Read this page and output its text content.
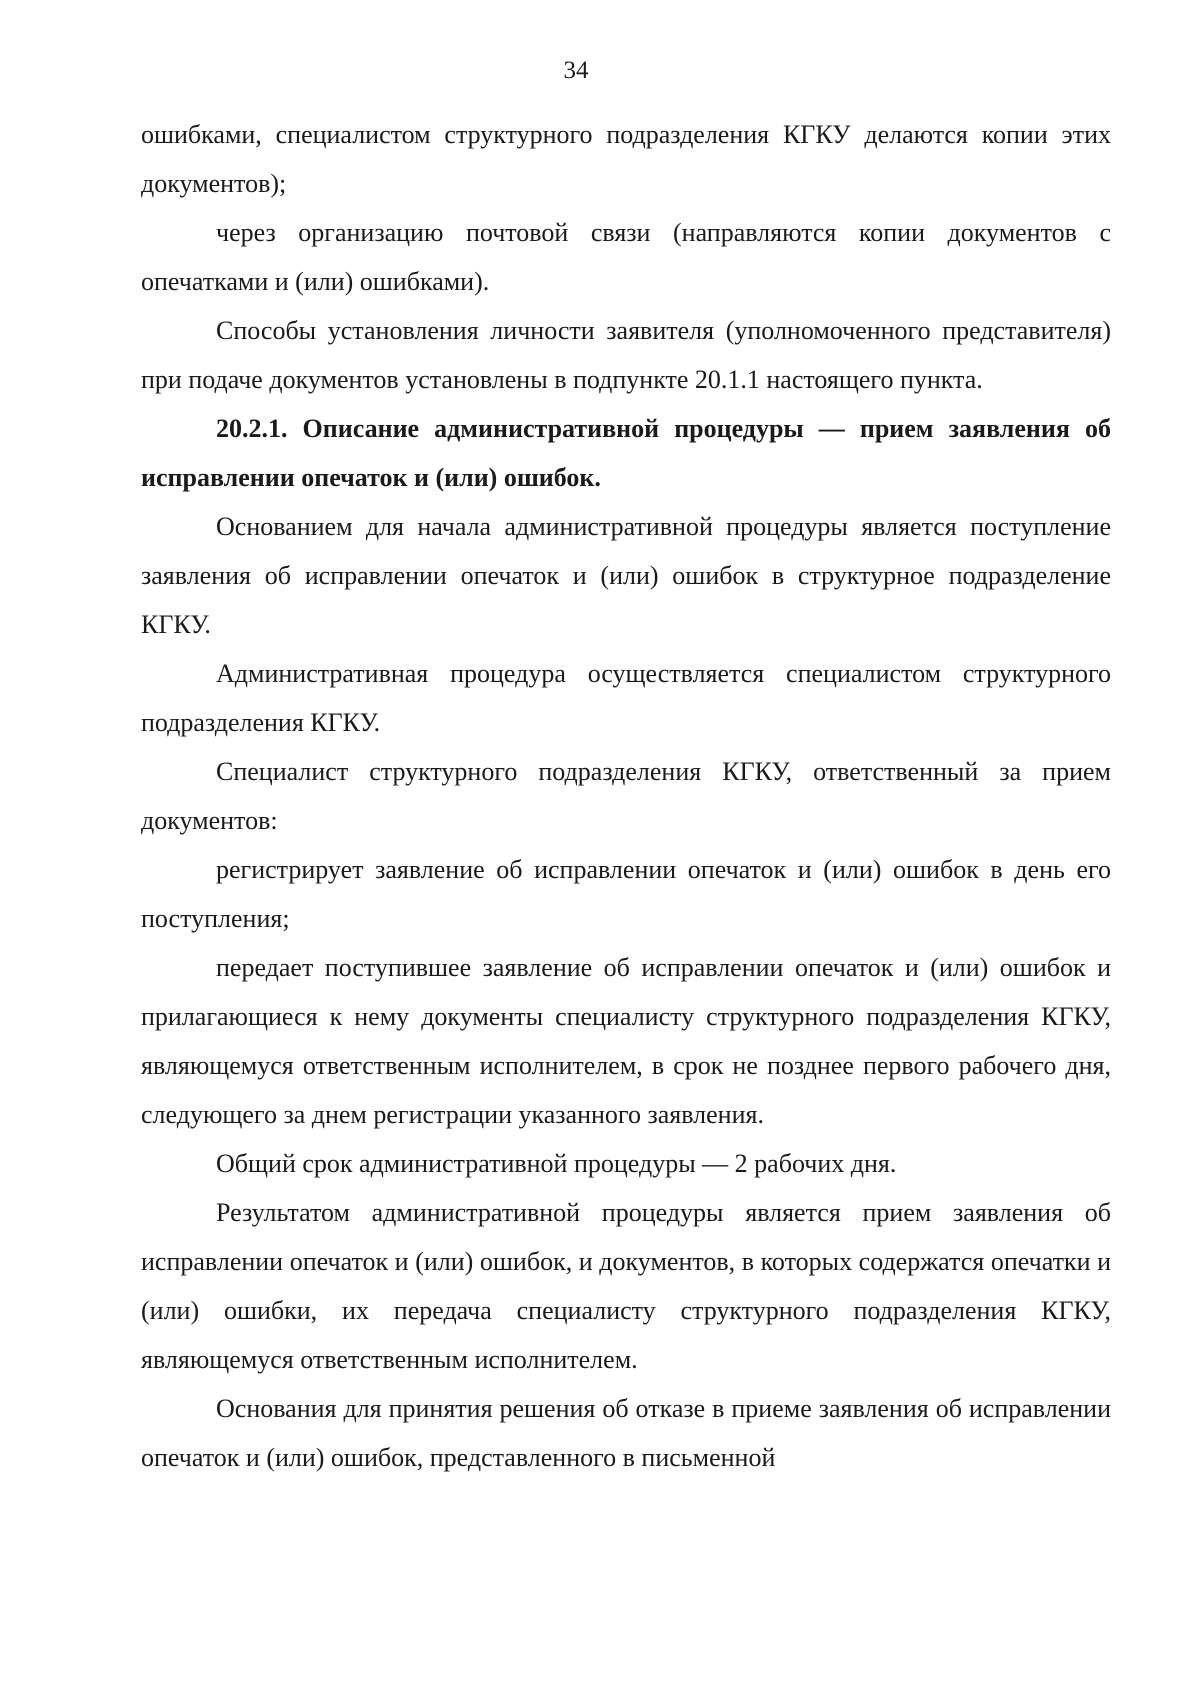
34

ошибками, специалистом структурного подразделения КГКУ делаются копии этих документов);

через организацию почтовой связи (направляются копии документов с опечатками и (или) ошибками).

Способы установления личности заявителя (уполномоченного представителя) при подаче документов установлены в подпункте 20.1.1 настоящего пункта.

20.2.1. Описание административной процедуры — прием заявления об исправлении опечаток и (или) ошибок.

Основанием для начала административной процедуры является поступление заявления об исправлении опечаток и (или) ошибок в структурное подразделение КГКУ.

Административная процедура осуществляется специалистом структурного подразделения КГКУ.

Специалист структурного подразделения КГКУ, ответственный за прием документов:

регистрирует заявление об исправлении опечаток и (или) ошибок в день его поступления;

передает поступившее заявление об исправлении опечаток и (или) ошибок и прилагающиеся к нему документы специалисту структурного подразделения КГКУ, являющемуся ответственным исполнителем, в срок не позднее первого рабочего дня, следующего за днем регистрации указанного заявления.

Общий срок административной процедуры — 2 рабочих дня.

Результатом административной процедуры является прием заявления об исправлении опечаток и (или) ошибок, и документов, в которых содержатся опечатки и (или) ошибки, их передача специалисту структурного подразделения КГКУ, являющемуся ответственным исполнителем.

Основания для принятия решения об отказе в приеме заявления об исправлении опечаток и (или) ошибок, представленного в письменной
